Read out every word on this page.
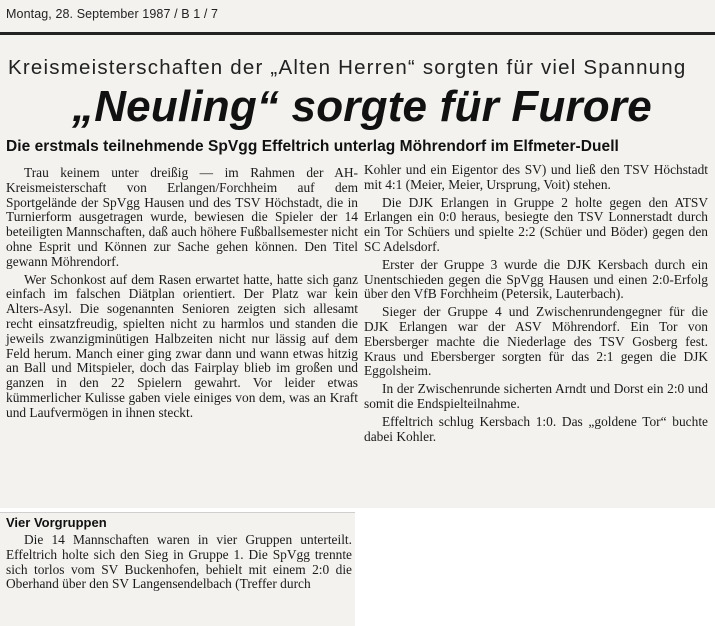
Montag, 28. September 1987 / B 1 / 7
Kreismeisterschaften der „Alten Herren“ sorgten für viel Spannung
„Neuling“ sorgte für Furore
Die erstmals teilnehmende SpVgg Effeltrich unterlag Möhrendorf im Elfmeter-Duell

Trau keinem unter dreißig — im Rahmen der AH-Kreismeisterschaft von Erlangen/Forchheim auf dem Sportgelände der SpVgg Hausen und des TSV Höchstadt, die in Turnierform ausgetragen wurde, bewiesen die Spieler der 14 beteiligten Mannschaften, daß auch höhere Fußballsemester nicht ohne Esprit und Können zur Sache gehen können. Den Titel gewann Möhrendorf.

Wer Schonkost auf dem Rasen erwartet hatte, hatte sich ganz einfach im falschen Diätplan orientiert. Der Platz war kein Alters-Asyl. Die sogenannten Senioren zeigten sich allesamt recht einsatzfreudig, spielten nicht zu harmlos und standen die jeweils zwanzigminütigen Halbzeiten nicht nur lässig auf dem Feld herum. Manch einer ging zwar dann und wann etwas hitzig an Ball und Mitspieler, doch das Fairplay blieb im großen und ganzen in den 22 Spielern gewahrt. Vor leider etwas kümmerlicher Kulisse gaben viele einiges von dem, was an Kraft und Laufvermögen in ihnen steckt.

Kohler und ein Eigentor des SV) und ließ den TSV Höchstadt mit 4:1 (Meier, Meier, Ursprung, Voit) stehen.

Die DJK Erlangen in Gruppe 2 holte gegen den ATSV Erlangen ein 0:0 heraus, besiegte den TSV Lonnerstadt durch ein Tor Schüers und spielte 2:2 (Schüer und Böder) gegen den SC Adelsdorf.

Erster der Gruppe 3 wurde die DJK Kersbach durch ein Unentschieden gegen die SpVgg Hausen und einen 2:0-Erfolg über den VfB Forchheim (Petersik, Lauterbach).

Sieger der Gruppe 4 und Zwischenrundengegner für die DJK Erlangen war der ASV Möhrendorf. Ein Tor von Ebersberger machte die Niederlage des TSV Gosberg fest. Kraus und Ebersberger sorgten für das 2:1 gegen die DJK Eggolsheim.

In der Zwischenrunde sicherten Arndt und Dorst ein 2:0 und somit die Endspielteilnahme.

Effeltrich schlug Kersbach 1:0. Das „goldene Tor“ buchte dabei Kohler.

Vier Vorgruppen

Die 14 Mannschaften waren in vier Gruppen unterteilt. Effeltrich holte sich den Sieg in Gruppe 1. Die SpVgg trennte sich torlos vom SV Buckenhofen, behielt mit einem 2:0 die Oberhand über den SV Langensendelbach (Treffer durch
